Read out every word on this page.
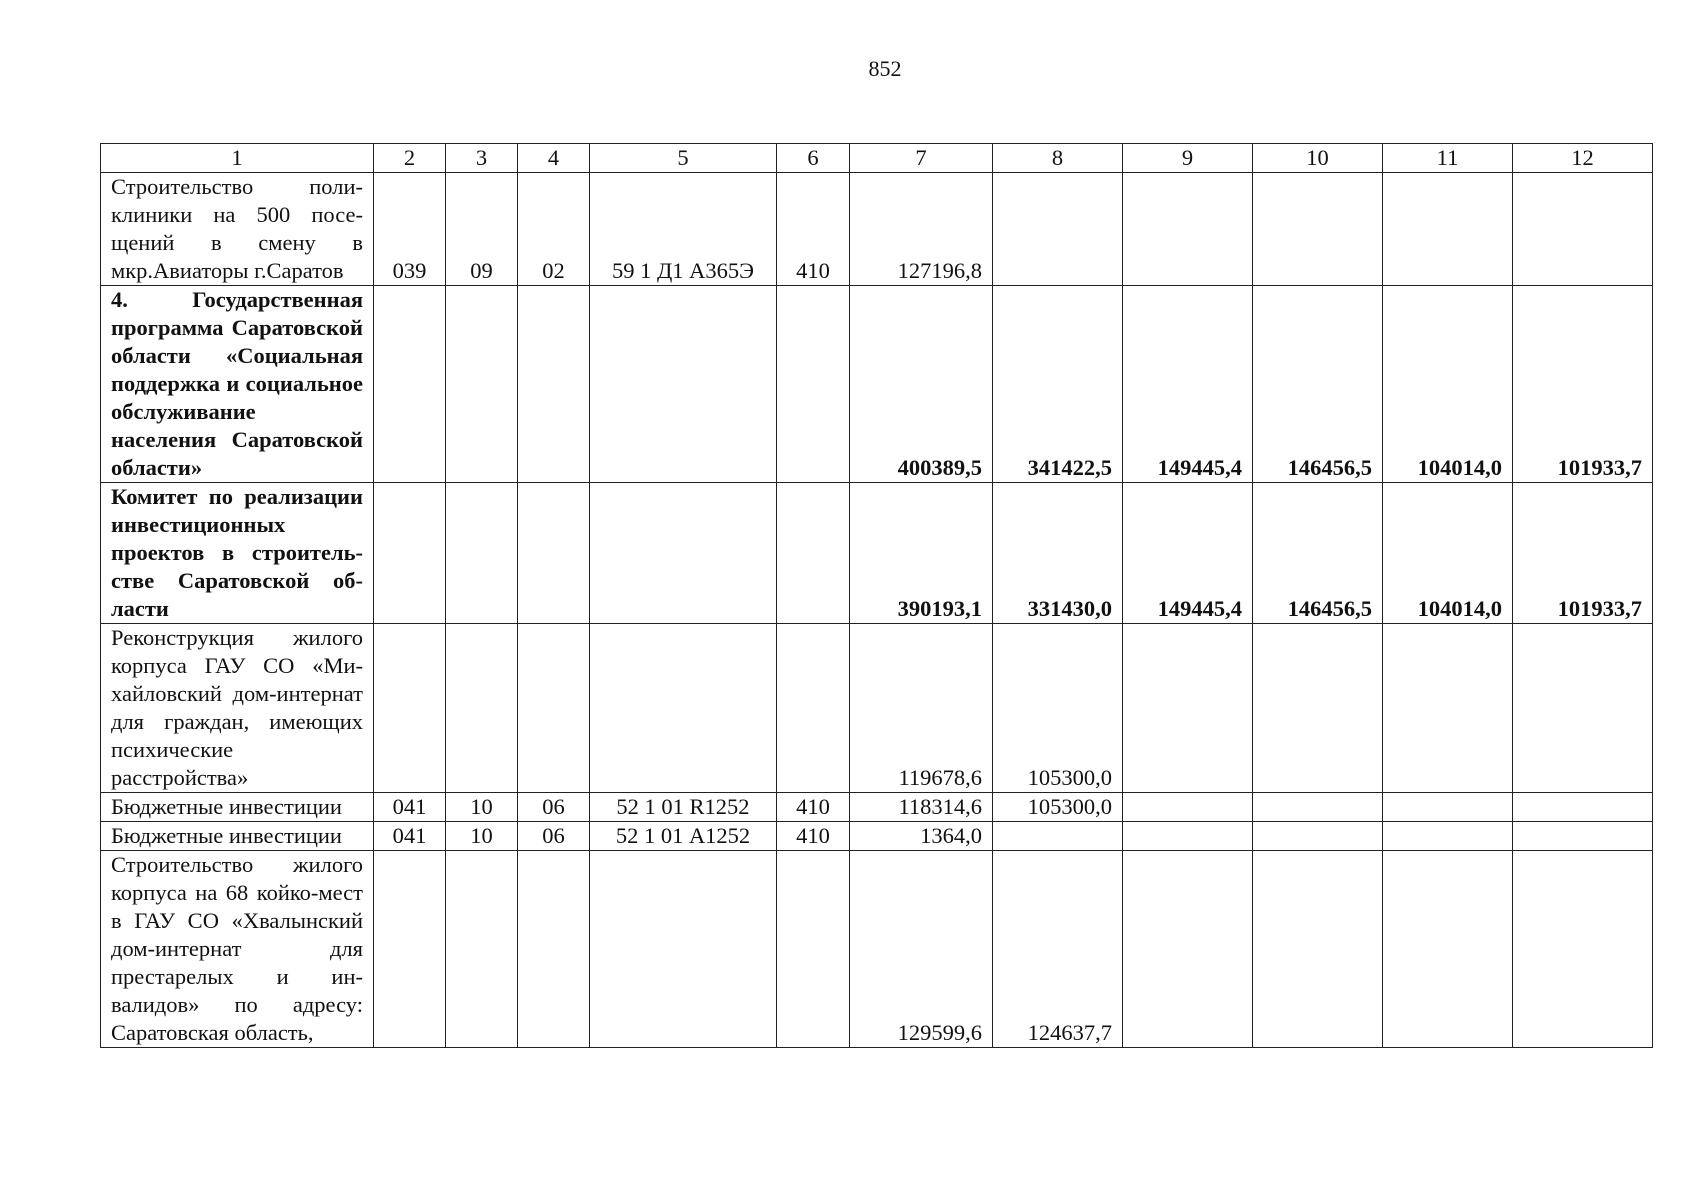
852
1	2	3	4	5	6	7	8	9	10	11	12
Строительство поликлиники на 500 посещений в смену в мкр.Авиаторы г.Саратов	039	09	02	59 1 Д1 А365Э	410	127196,8					
4. Государственная программа Саратовской области «Социальная поддержка и социальное обслуживание населения Саратовской области»						400389,5	341422,5	149445,4	146456,5	104014,0	101933,7
Комитет по реализации инвестиционных проектов в строительстве Саратовской области						390193,1	331430,0	149445,4	146456,5	104014,0	101933,7
Реконструкция жилого корпуса ГАУ СО «Михайловский дом-интернат для граждан, имеющих психические расстройства»						119678,6	105300,0				
Бюджетные инвестиции	041	10	06	52 1 01 R1252	410	118314,6	105300,0				
Бюджетные инвестиции	041	10	06	52 1 01 А1252	410	1364,0					
Строительство жилого корпуса на 68 койко-мест в ГАУ СО «Хвалынский дом-интернат для престарелых и инвалидов» по адресу: Саратовская область,						129599,6	124637,7				
